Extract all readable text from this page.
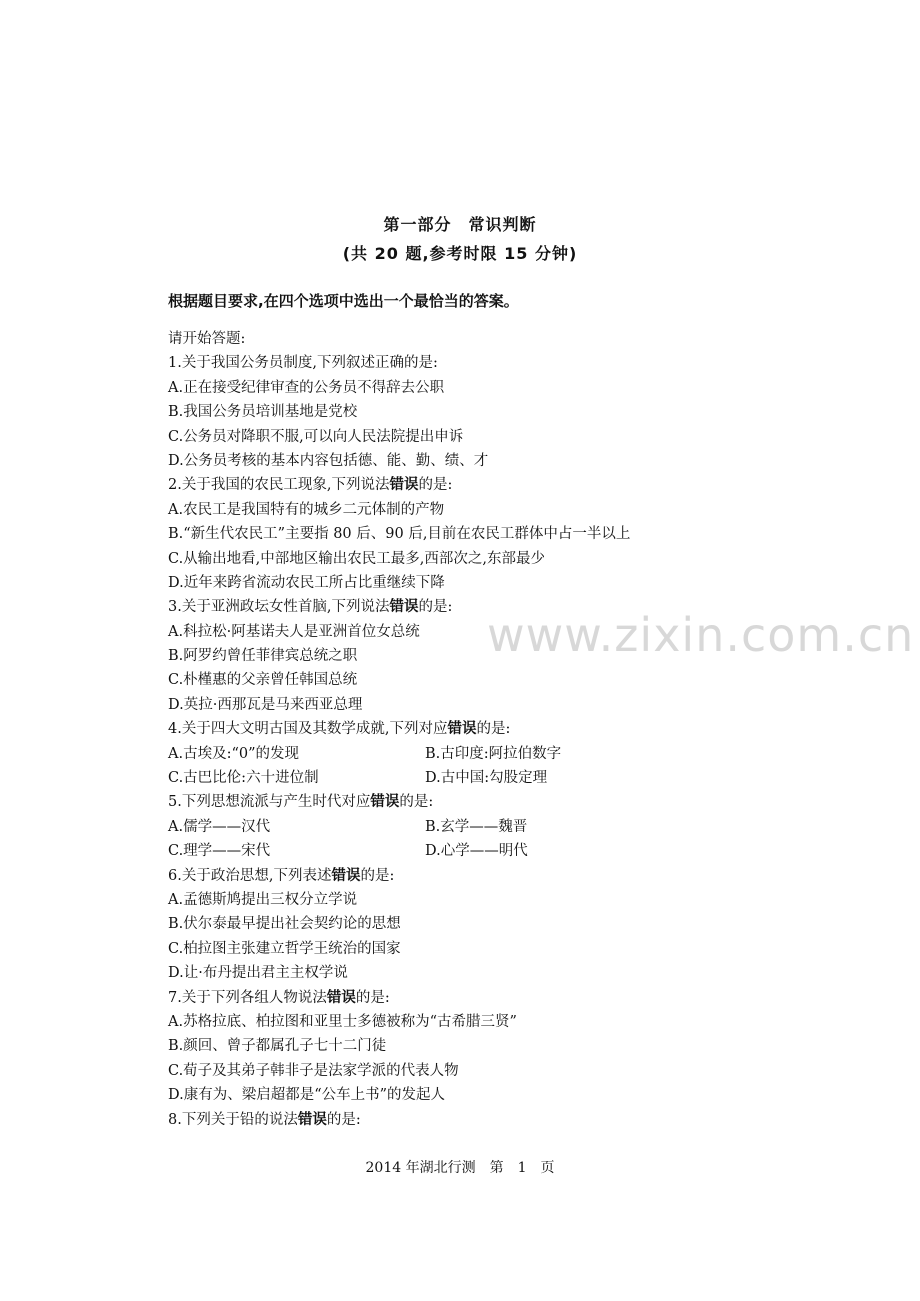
第一部分　常识判断
(共 20 题,参考时限 15 分钟)
根据题目要求,在四个选项中选出一个最恰当的答案。
www.zixin.com.cn
请开始答题:
1.关于我国公务员制度,下列叙述正确的是:
A.正在接受纪律审查的公务员不得辞去公职
B.我国公务员培训基地是党校
C.公务员对降职不服,可以向人民法院提出申诉
D.公务员考核的基本内容包括德、能、勤、绩、才
2.关于我国的农民工现象,下列说法错误的是:
A.农民工是我国特有的城乡二元体制的产物
B.“新生代农民工”主要指 80 后、90 后,目前在农民工群体中占一半以上
C.从输出地看,中部地区输出农民工最多,西部次之,东部最少
D.近年来跨省流动农民工所占比重继续下降
3.关于亚洲政坛女性首脑,下列说法错误的是:
A.科拉松·阿基诺夫人是亚洲首位女总统
B.阿罗约曾任菲律宾总统之职
C.朴槿惠的父亲曾任韩国总统
D.英拉·西那瓦是马来西亚总理
4.关于四大文明古国及其数学成就,下列对应错误的是:
A.古埃及:“0”的发现	B.古印度:阿拉伯数字
C.古巴比伦:六十进位制	D.古中国:勾股定理
5.下列思想流派与产生时代对应错误的是:
A.儒学——汉代	B.玄学——魏晋
C.理学——宋代	D.心学——明代
6.关于政治思想,下列表述错误的是:
A.孟德斯鸠提出三权分立学说
B.伏尔泰最早提出社会契约论的思想
C.柏拉图主张建立哲学王统治的国家
D.让·布丹提出君主主权学说
7.关于下列各组人物说法错误的是:
A.苏格拉底、柏拉图和亚里士多德被称为“古希腊三贤”
B.颜回、曾子都属孔子七十二门徒
C.荀子及其弟子韩非子是法家学派的代表人物
D.康有为、梁启超都是“公车上书”的发起人
8.下列关于铅的说法错误的是:
2014 年湖北行测　第　1　页
